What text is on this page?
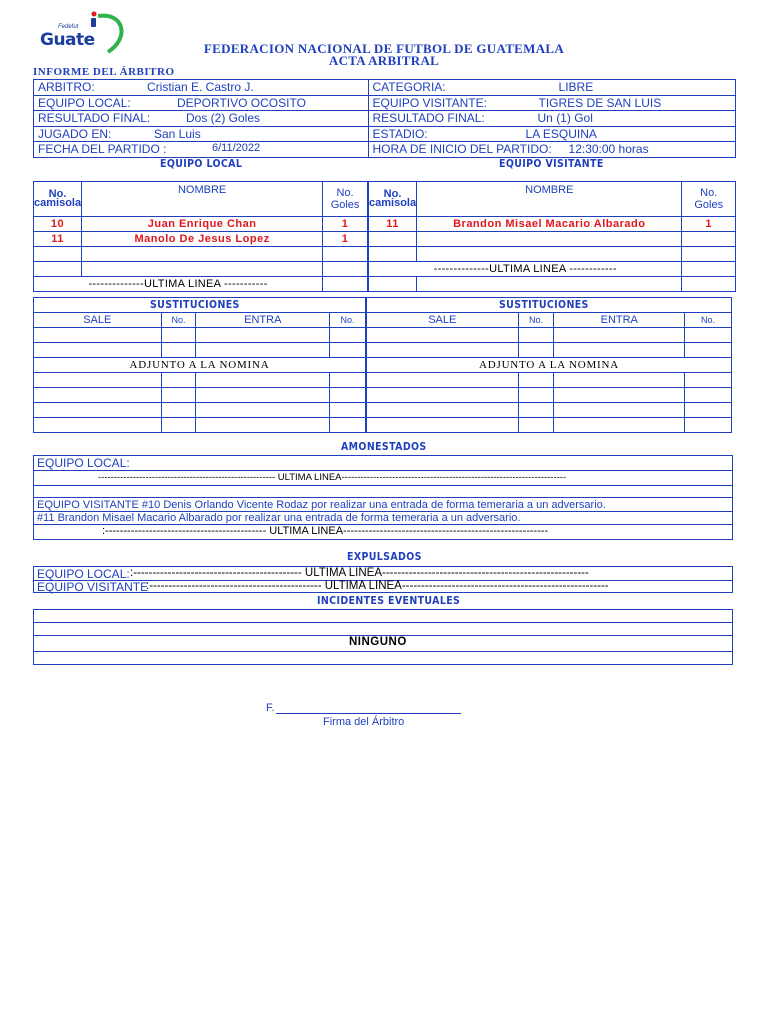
Fedefut
Guate	FEDERACION NACIONAL DE FUTBOL DE GUATEMALA
ACTA ARBITRAL
INFORME DEL ÁRBITRO
ARBITRO: Cristian E. Castro J.	CATEGORIA: LIBRE

EQUIPO LOCAL: DEPORTIVO OCOSITO	EQUIPO VISITANTE: TIGRES DE SAN LUIS

RESULTADO FINAL: Dos (2) Goles	RESULTADO FINAL: Un (1) Gol

JUGADO EN: San Luis	ESTADIO: LA ESQUINA

FECHA DEL PARTIDO : 6/11/2022	HORA DE INICIO DEL PARTIDO: 12:30:00 horas
EQUIPO LOCAL	EQUIPO VISITANTE
No.
camisola	NOMBRE	No.
Goles
10	Juan Enrique Chan	1
11	Manolo De Jesus Lopez	1

--------------ULTIMA LINEA -----------		
No.
camisola	NOMBRE	No.
Goles
11	Brandon Misael Macario Albarado	1

--------------ULTIMA LINEA ------------		

SUSTITUCIONES			
SALE	No.	ENTRA	No.

ADJUNTO A LA NOMINA			

SUSTITUCIONES			
SALE	No.	ENTRA	No.

ADJUNTO A LA NOMINA			

AMONESTADOS
EQUIPO LOCAL:
-------------------------------------------------------- ULTIMA LINEA-----------------------------------------------------------------------
EQUIPO VISITANTE #10 Denis Orlando Vicente Rodaz por realizar una entrada de forma temeraria a un adversario.
#11 Brandon Misael Macario Albarado por realizar una entrada de forma temeraria a un adversario.
:-------------------------------------------- ULTIMA LINEA--------------------------------------------------------
EXPULSADOS
EQUIPO LOCAL: :-------------------------------------------- ULTIMA LINEA------------------------------------------------------
EQUIPO VISITANTE
:--------------------------------------------- ULTIMA LINEA------------------------------------------------------
INCIDENTES EVENTUALES
NINGUNO
F.
Firma del Árbitro
